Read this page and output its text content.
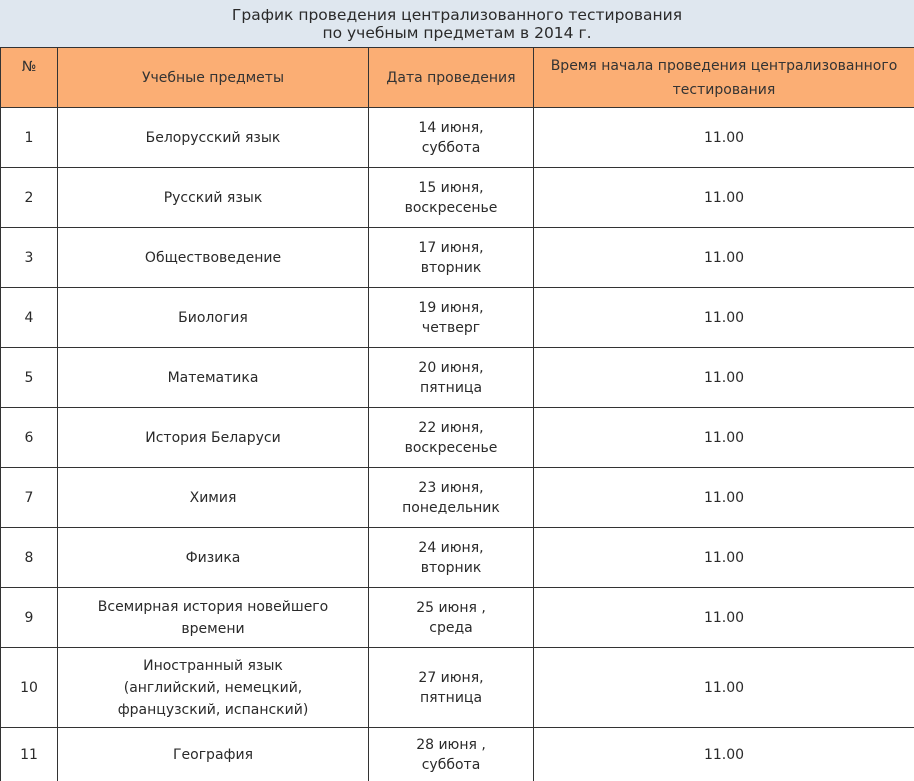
График проведения централизованного тестирования
по учебным предметам в 2014 г.
№	Учебные предметы	Дата проведения	Время начала проведения централизованного
тестирования

1	Белорусский язык	14 июня,
суббота	11.00
2	Русский язык	15 июня,
воскресенье	11.00
3	Обществоведение	17 июня,
вторник	11.00
4	Биология	19 июня,
четверг	11.00
5	Математика	20 июня,
пятница	11.00
6	История Беларуси	22 июня,
воскресенье	11.00
7	Химия	23 июня,
понедельник	11.00
8	Физика	24 июня,
вторник	11.00
9	Всемирная история новейшего
времени	25 июня ,
среда	11.00
10	Иностранный язык
(английский, немецкий,
французский, испанский)	27 июня,
пятница	11.00
11	География	28 июня ,
суббота	11.00
